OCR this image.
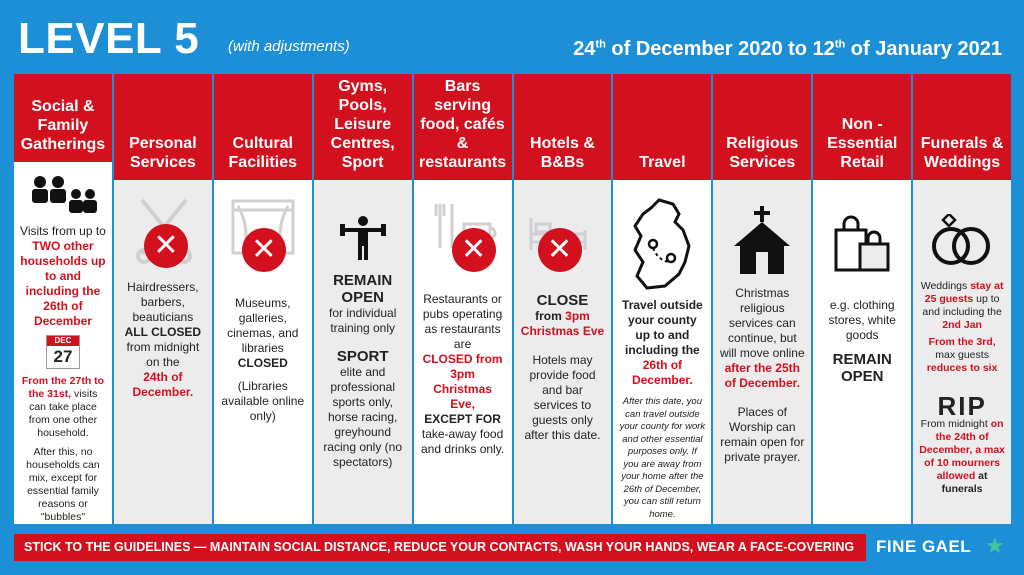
LEVEL 5 (with adjustments)	24th of December 2020 to 12th of January 2021
Social & Family Gatherings
Visits from up to TWO other households up to and including the 26th of December
DEC
27
From the 27th to the 31st, visits can take place from one other household.
After this, no households can mix, except for essential family reasons or "bubbles"
Personal Services
✕
Hairdressers, barbers, beauticians
ALL CLOSED
from midnight on the
24th of December.
Cultural Facilities
✕
Museums, galleries, cinemas, and libraries
CLOSED
(Libraries available online only)
Gyms, Pools, Leisure Centres, Sport
REMAIN OPEN
for individual training only
SPORT
elite and professional sports only, horse racing, greyhound racing only (no spectators)
Bars serving food, cafés & restaurants
✕
Restaurants or pubs operating as restaurants are
CLOSED from 3pm Christmas Eve,
EXCEPT FOR
take-away food and drinks only.
Hotels & B&Bs
✕
CLOSE
from 3pm Christmas Eve
Hotels may provide food and bar services to guests only after this date.
Travel
Travel outside your county up to and including the
26th of December.
After this date, you can travel outside your county for work and other essential purposes only. If you are away from your home after the 26th of December, you can still return home.
Religious Services
Christmas religious services can continue, but will move online
after the 25th of December.
Places of Worship can remain open for private prayer.
Non - Essential Retail
e.g. clothing stores, white goods
REMAIN OPEN
Funerals & Weddings
Weddings stay at 25 guests up to and including the 2nd Jan
From the 3rd, max guests reduces to six
RIP
From midnight on the 24th of December, a max of 10 mourners allowed at funerals
STICK TO THE GUIDELINES — MAINTAIN SOCIAL DISTANCE, REDUCE YOUR CONTACTS, WASH YOUR HANDS, WEAR A FACE-COVERING	FINE GAEL ★
